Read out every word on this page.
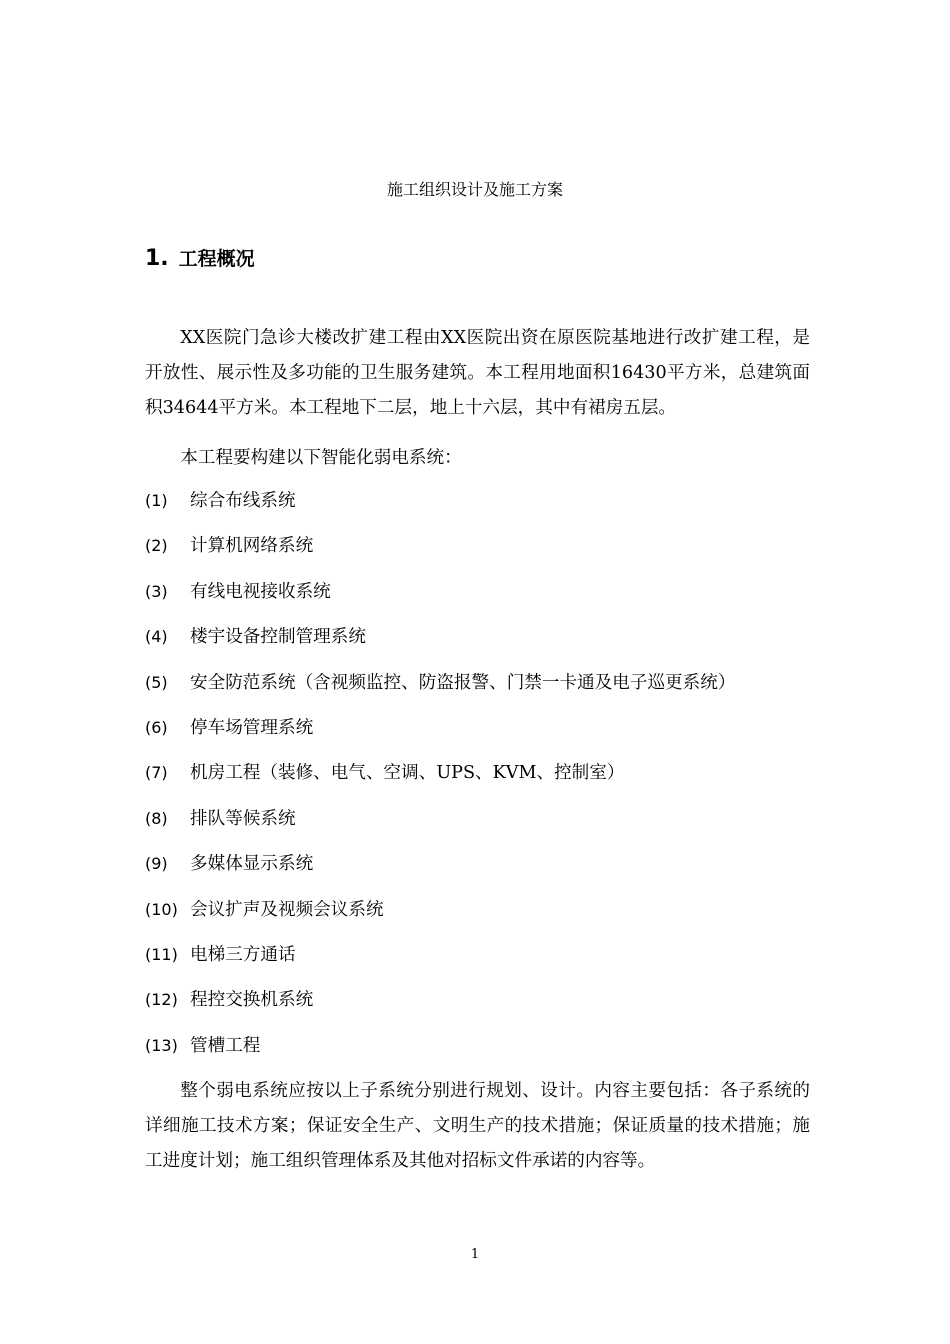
施工组织设计及施工方案
1. 工程概况

XX医院门急诊大楼改扩建工程由XX医院出资在原医院基地进行改扩建工程，是开放性、展示性及多功能的卫生服务建筑。本工程用地面积16430平方米，总建筑面积34644平方米。本工程地下二层，地上十六层，其中有裙房五层。

本工程要构建以下智能化弱电系统：

(1) 综合布线系统
(2) 计算机网络系统
(3) 有线电视接收系统
(4) 楼宇设备控制管理系统
(5) 安全防范系统（含视频监控、防盗报警、门禁一卡通及电子巡更系统）
(6) 停车场管理系统
(7) 机房工程（装修、电气、空调、UPS、KVM、控制室）
(8) 排队等候系统
(9) 多媒体显示系统
(10) 会议扩声及视频会议系统
(11) 电梯三方通话
(12) 程控交换机系统
(13) 管槽工程

整个弱电系统应按以上子系统分别进行规划、设计。内容主要包括：各子系统的详细施工技术方案；保证安全生产、文明生产的技术措施；保证质量的技术措施；施工进度计划；施工组织管理体系及其他对招标文件承诺的内容等。

1
